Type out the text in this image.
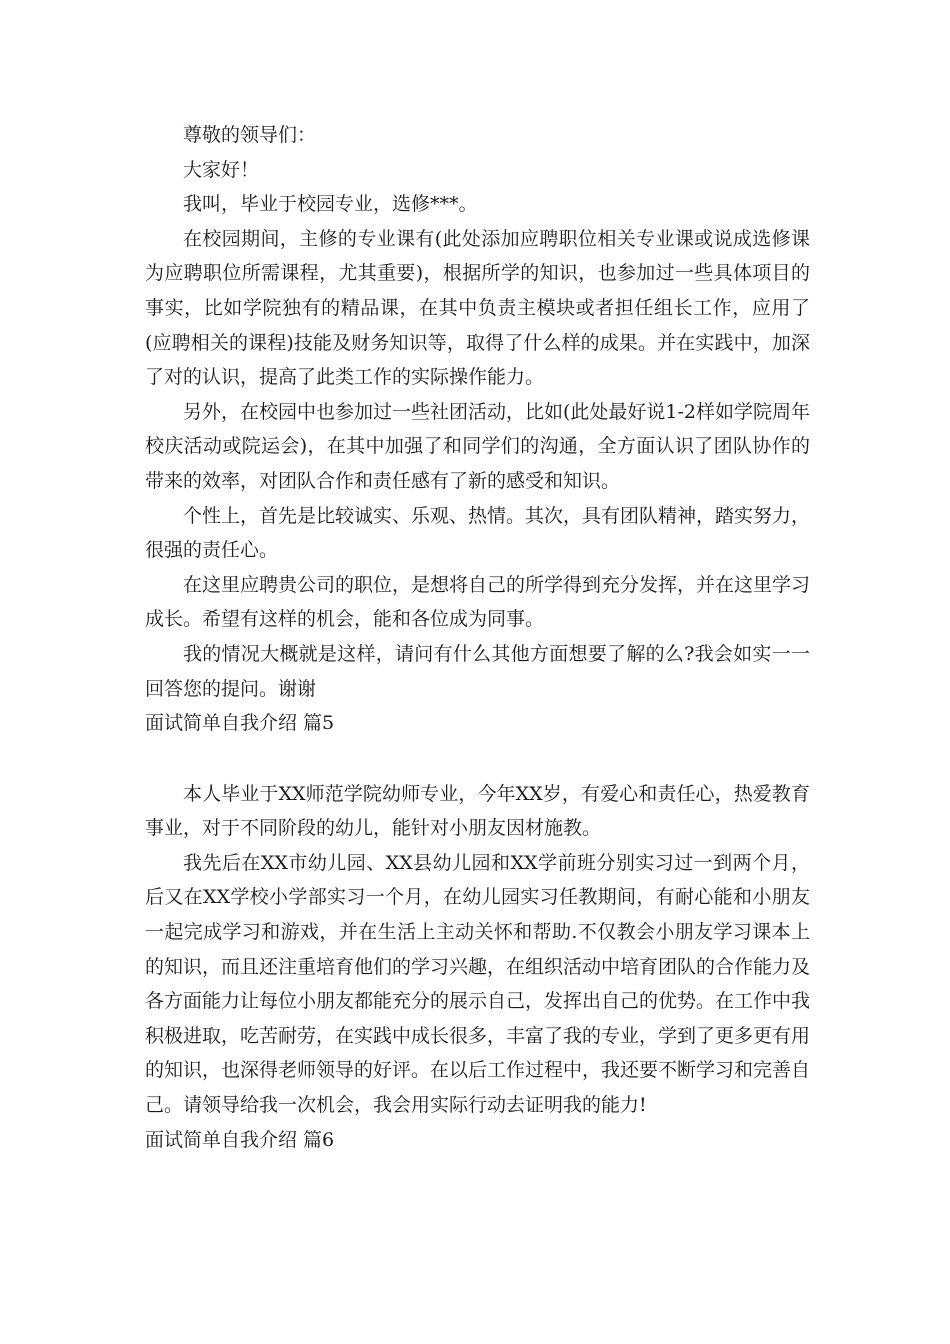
尊敬的领导们：

大家好！

我叫，毕业于校园专业，选修***。

在校园期间，主修的专业课有(此处添加应聘职位相关专业课或说成选修课为应聘职位所需课程，尤其重要)，根据所学的知识，也参加过一些具体项目的事实，比如学院独有的精品课，在其中负责主模块或者担任组长工作，应用了(应聘相关的课程)技能及财务知识等，取得了什么样的成果。并在实践中，加深了对的认识，提高了此类工作的实际操作能力。

另外，在校园中也参加过一些社团活动，比如(此处最好说1-2样如学院周年校庆活动或院运会)，在其中加强了和同学们的沟通，全方面认识了团队协作的带来的效率，对团队合作和责任感有了新的感受和知识。

个性上，首先是比较诚实、乐观、热情。其次，具有团队精神，踏实努力，很强的责任心。

在这里应聘贵公司的职位，是想将自己的所学得到充分发挥，并在这里学习成长。希望有这样的机会，能和各位成为同事。

我的情况大概就是这样，请问有什么其他方面想要了解的么?我会如实一一回答您的提问。谢谢

面试简单自我介绍 篇5

本人毕业于XX师范学院幼师专业，今年XX岁，有爱心和责任心，热爱教育事业，对于不同阶段的幼儿，能针对小朋友因材施教。

我先后在XX市幼儿园、XX县幼儿园和XX学前班分别实习过一到两个月，后又在XX学校小学部实习一个月，在幼儿园实习任教期间，有耐心能和小朋友一起完成学习和游戏，并在生活上主动关怀和帮助.不仅教会小朋友学习课本上的知识，而且还注重培育他们的学习兴趣，在组织活动中培育团队的合作能力及各方面能力让每位小朋友都能充分的展示自己，发挥出自己的优势。在工作中我积极进取，吃苦耐劳，在实践中成长很多，丰富了我的专业，学到了更多更有用的知识，也深得老师领导的好评。在以后工作过程中，我还要不断学习和完善自己。请领导给我一次机会，我会用实际行动去证明我的能力!

面试简单自我介绍 篇6
